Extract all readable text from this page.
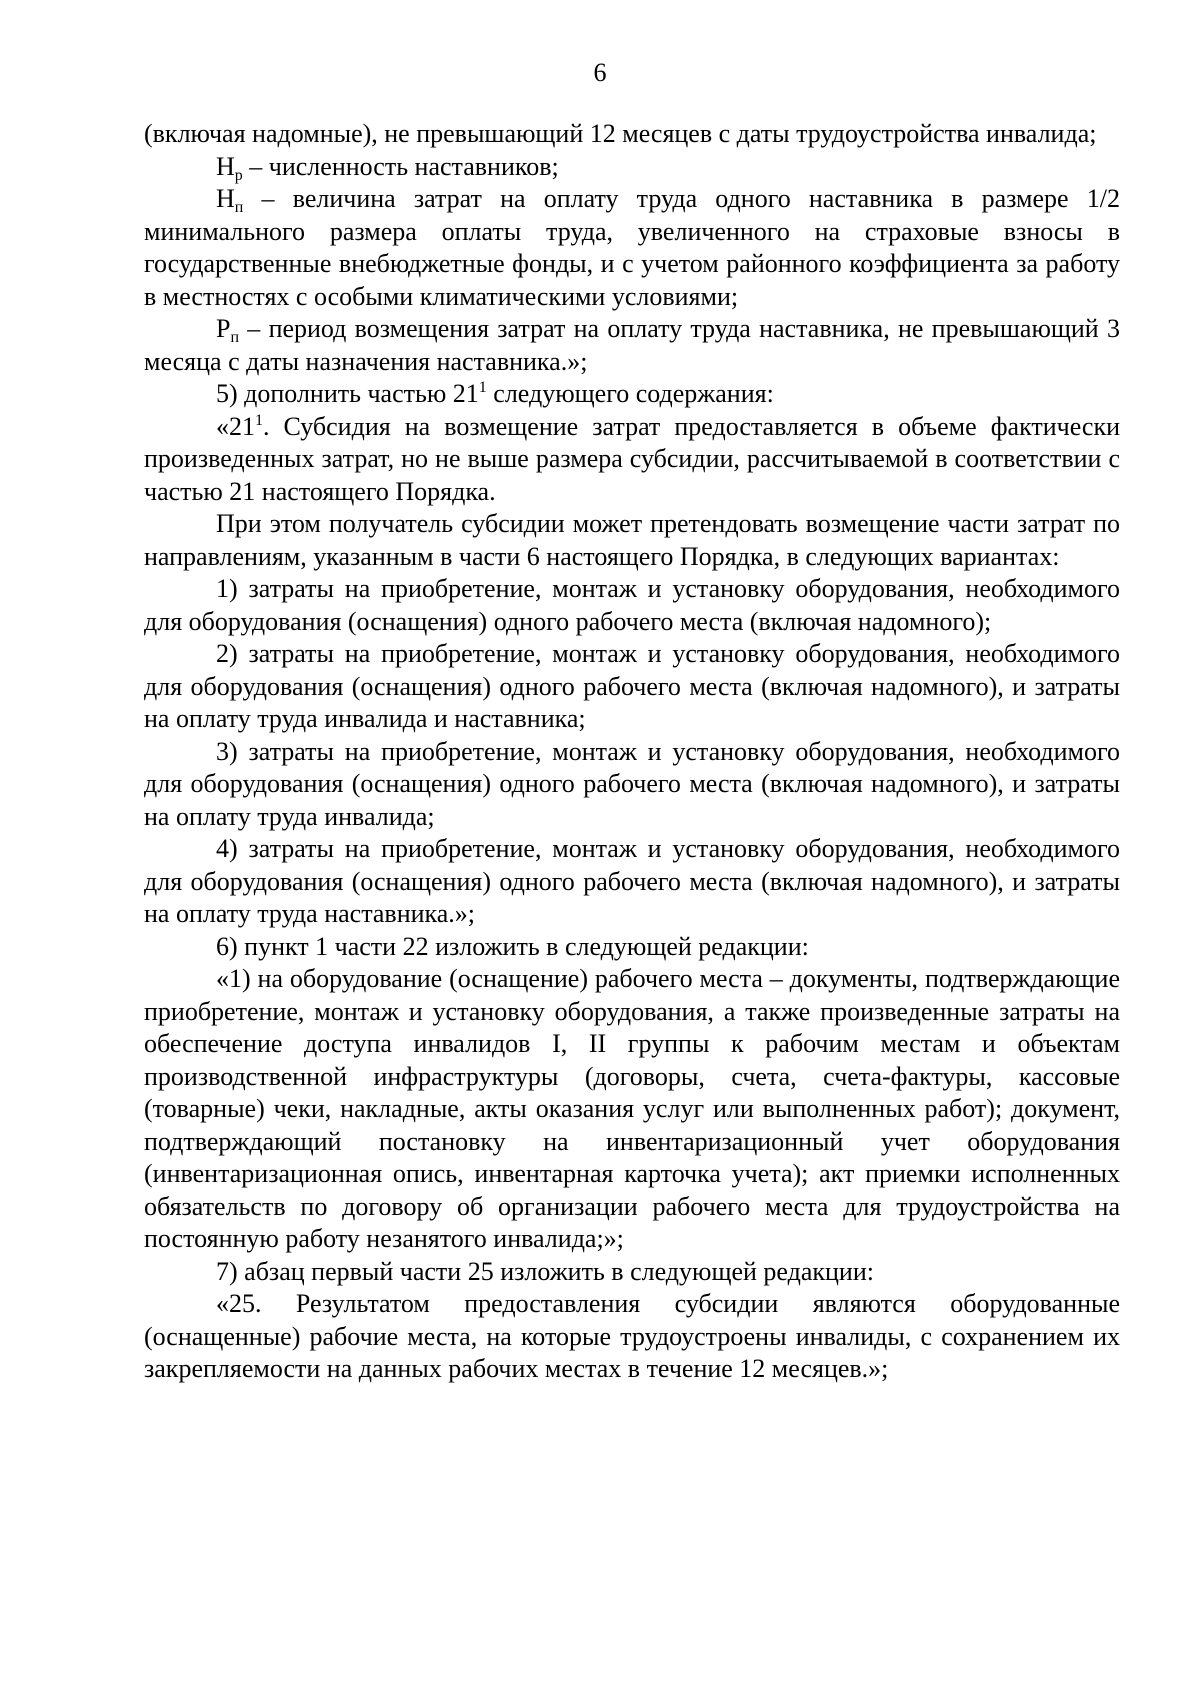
6

(включая надомные), не превышающий 12 месяцев с даты трудоустройства инвалида;

$Н_р$ – численность наставников;

$Н_п$ – величина затрат на оплату труда одного наставника в размере 1/2 минимального размера оплаты труда, увеличенного на страховые взносы в государственные внебюджетные фонды, и с учетом районного коэффициента за работу в местностях с особыми климатическими условиями;

$Р_п$ – период возмещения затрат на оплату труда наставника, не превышающий 3 месяца с даты назначения наставника.»;

5) дополнить частью $21^1$ следующего содержания:

«$21^1$. Субсидия на возмещение затрат предоставляется в объеме фактически произведенных затрат, но не выше размера субсидии, рассчитываемой в соответствии с частью 21 настоящего Порядка.

При этом получатель субсидии может претендовать возмещение части затрат по направлениям, указанным в части 6 настоящего Порядка, в следующих вариантах:

1) затраты на приобретение, монтаж и установку оборудования, необходимого для оборудования (оснащения) одного рабочего места (включая надомного);

2) затраты на приобретение, монтаж и установку оборудования, необходимого для оборудования (оснащения) одного рабочего места (включая надомного), и затраты на оплату труда инвалида и наставника;

3) затраты на приобретение, монтаж и установку оборудования, необходимого для оборудования (оснащения) одного рабочего места (включая надомного), и затраты на оплату труда инвалида;

4) затраты на приобретение, монтаж и установку оборудования, необходимого для оборудования (оснащения) одного рабочего места (включая надомного), и затраты на оплату труда наставника.»;

6) пункт 1 части 22 изложить в следующей редакции:

«1) на оборудование (оснащение) рабочего места – документы, подтверждающие приобретение, монтаж и установку оборудования, а также произведенные затраты на обеспечение доступа инвалидов I, II группы к рабочим местам и объектам производственной инфраструктуры (договоры, счета, счета-фактуры, кассовые (товарные) чеки, накладные, акты оказания услуг или выполненных работ); документ, подтверждающий постановку на инвентаризационный учет оборудования (инвентаризационная опись, инвентарная карточка учета); акт приемки исполненных обязательств по договору об организации рабочего места для трудоустройства на постоянную работу незанятого инвалида;»;

7) абзац первый части 25 изложить в следующей редакции:

«25. Результатом предоставления субсидии являются оборудованные (оснащенные) рабочие места, на которые трудоустроены инвалиды, с сохранением их закрепляемости на данных рабочих местах в течение 12 месяцев.»;
